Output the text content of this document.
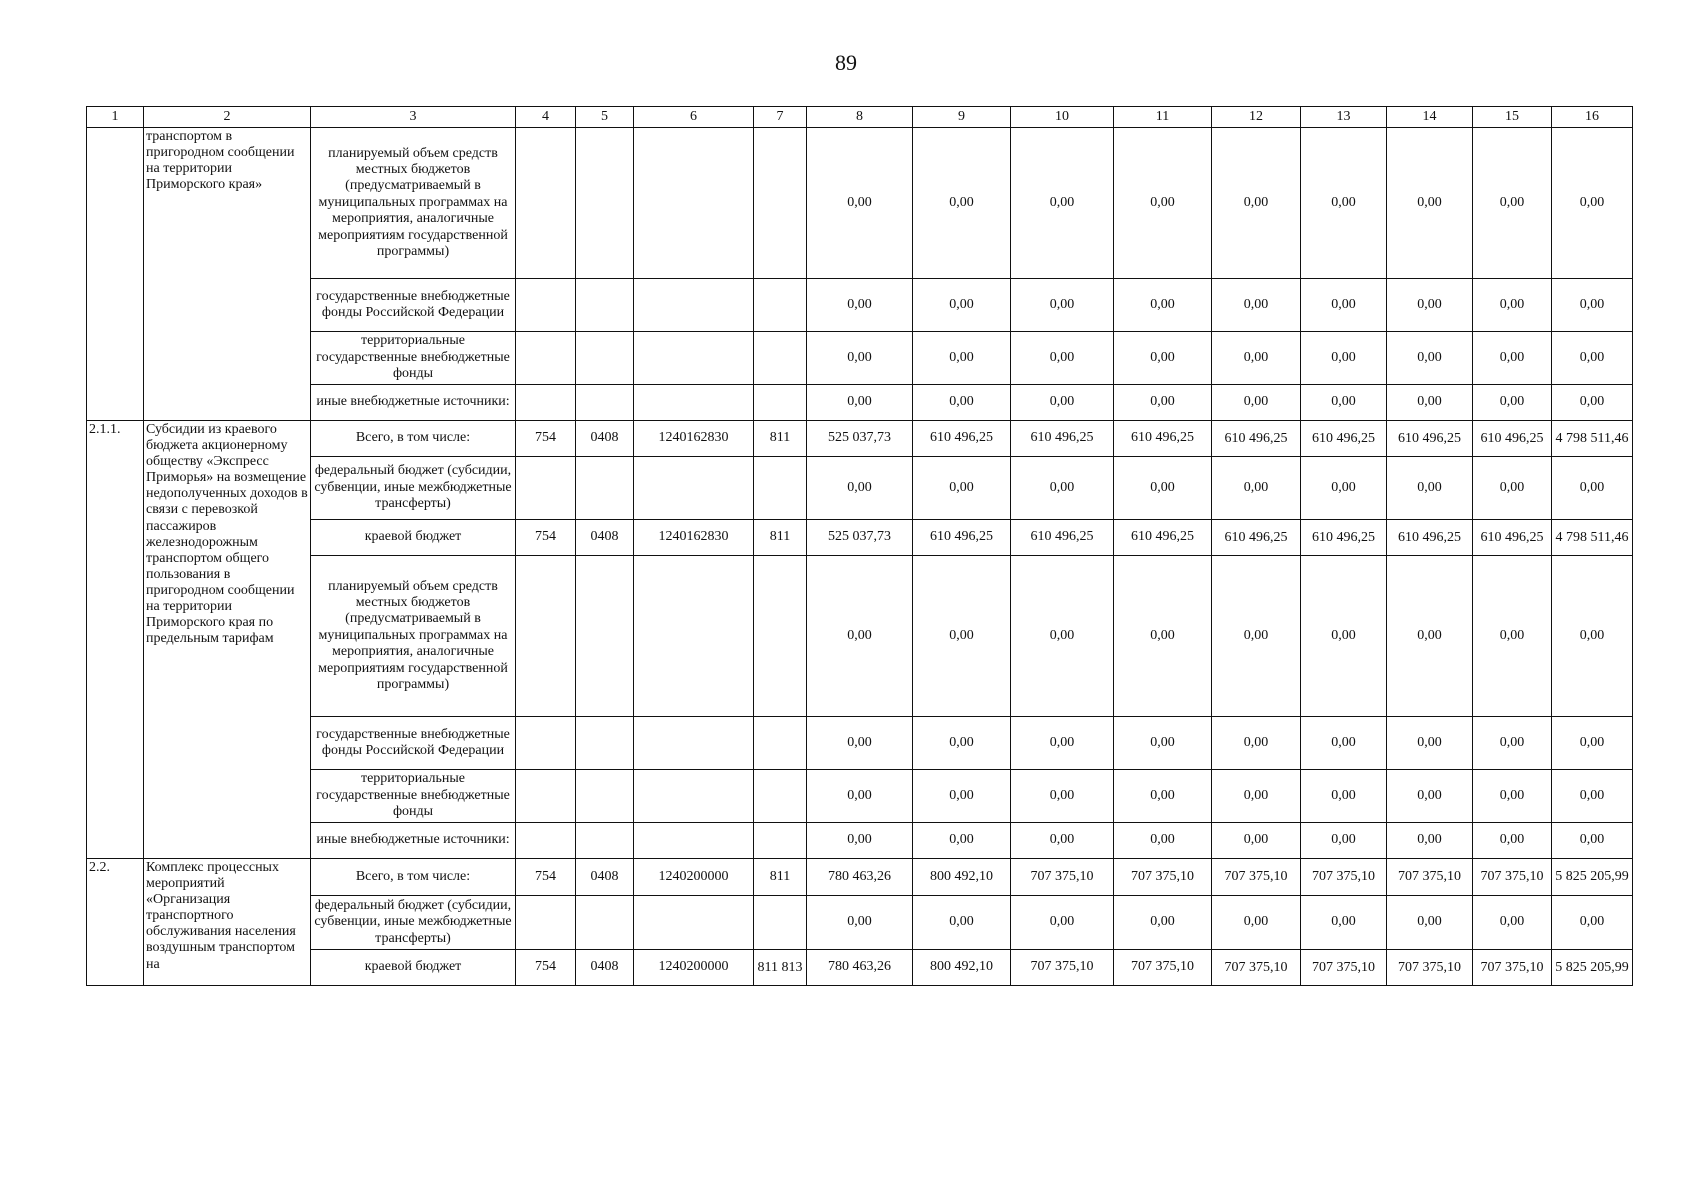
89
1	2	3	4	5	6	7	8	9	10	11	12	13	14	15	16
	транспортом в пригородном сообщении на территории Приморского края»	планируемый объем средств местных бюджетов (предусматриваемый в муниципальных программах на мероприятия, аналогичные мероприятиям государственной программы)					0,00	0,00	0,00	0,00	0,00	0,00	0,00	0,00	0,00
		государственные внебюджетные фонды Российской Федерации					0,00	0,00	0,00	0,00	0,00	0,00	0,00	0,00	0,00
		территориальные государственные внебюджетные фонды					0,00	0,00	0,00	0,00	0,00	0,00	0,00	0,00	0,00
		иные внебюджетные источники:					0,00	0,00	0,00	0,00	0,00	0,00	0,00	0,00	0,00
2.1.1.	Субсидии из краевого бюджета акционерному обществу «Экспресс Приморья» на возмещение недополученных доходов в связи с перевозкой пассажиров железнодорожным транспортом общего пользования в пригородном сообщении на территории Приморского края по предельным тарифам	Всего, в том числе:	754	0408	1240162830	811	525 037,73	610 496,25	610 496,25	610 496,25	610 496,25	610 496,25	610 496,25	610 496,25	4 798 511,46
		федеральный бюджет (субсидии, субвенции, иные межбюджетные трансферты)					0,00	0,00	0,00	0,00	0,00	0,00	0,00	0,00	0,00
		краевой бюджет	754	0408	1240162830	811	525 037,73	610 496,25	610 496,25	610 496,25	610 496,25	610 496,25	610 496,25	610 496,25	4 798 511,46
		планируемый объем средств местных бюджетов (предусматриваемый в муниципальных программах на мероприятия, аналогичные мероприятиям государственной программы)					0,00	0,00	0,00	0,00	0,00	0,00	0,00	0,00	0,00
		государственные внебюджетные фонды Российской Федерации					0,00	0,00	0,00	0,00	0,00	0,00	0,00	0,00	0,00
		территориальные государственные внебюджетные фонды					0,00	0,00	0,00	0,00	0,00	0,00	0,00	0,00	0,00
		иные внебюджетные источники:					0,00	0,00	0,00	0,00	0,00	0,00	0,00	0,00	0,00
2.2.	Комплекс процессных мероприятий «Организация транспортного обслуживания населения воздушным транспортом на	Всего, в том числе:	754	0408	1240200000	811	780 463,26	800 492,10	707 375,10	707 375,10	707 375,10	707 375,10	707 375,10	707 375,10	5 825 205,99
		федеральный бюджет (субсидии, субвенции, иные межбюджетные трансферты)					0,00	0,00	0,00	0,00	0,00	0,00	0,00	0,00	0,00
		краевой бюджет	754	0408	1240200000	811 813	780 463,26	800 492,10	707 375,10	707 375,10	707 375,10	707 375,10	707 375,10	707 375,10	5 825 205,99
